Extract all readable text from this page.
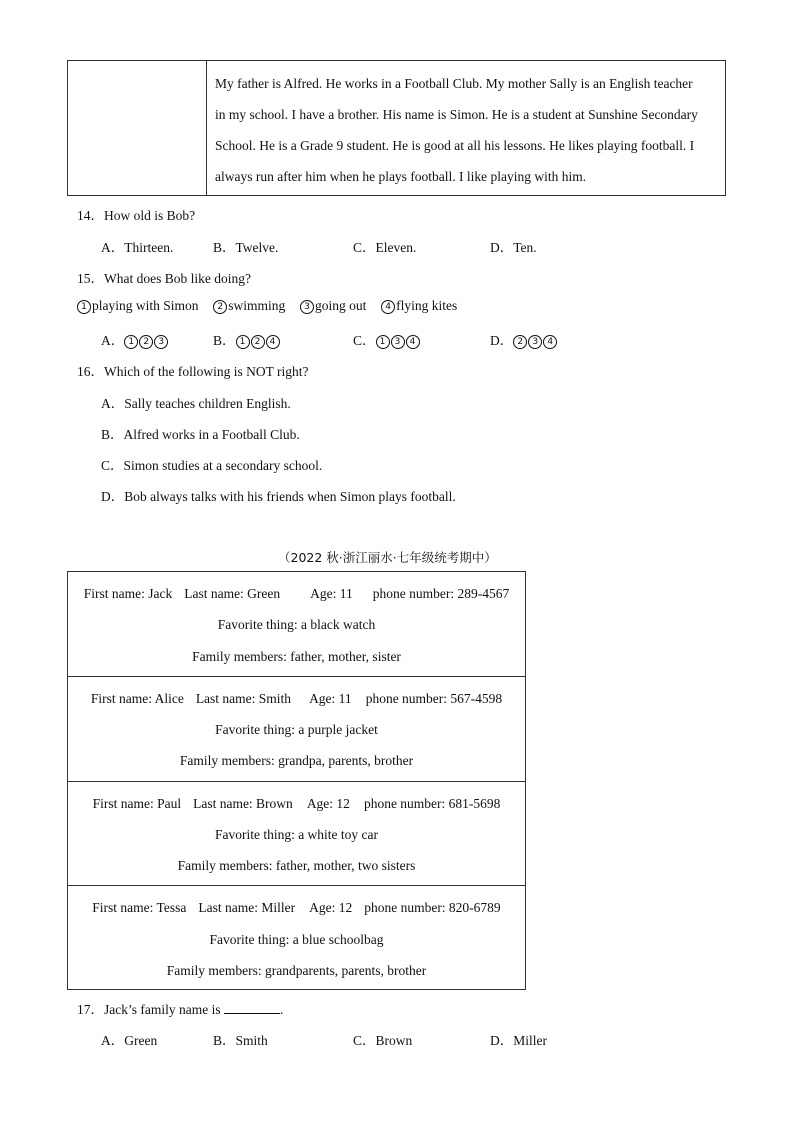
My father is Alfred. He works in a Football Club. My mother Sally is an English teacher
in my school. I have a brother. His name is Simon. He is a student at Sunshine Secondary
School. He is a Grade 9 student. He is good at all his lessons. He likes playing football. I
always run after him when he plays football. I like playing with him.
14．How old is Bob?
A．Thirteen.	B．Twelve.	C．Eleven.	D．Ten.
15．What does Bob like doing?
1 playing with Simon 2 swimming 3 going out 4 flying kites
A． 1 2 3	B． 1 2 4	C． 1 3 4	D． 2 3 4
16．Which of the following is NOT right?
A．Sally teaches children English.
B．Alfred works in a Football Club.
C．Simon studies at a secondary school.
D．Bob always talks with his friends when Simon plays football.
（2022 秋·浙江丽水·七年级统考期中）
First name: Jack Last name: Green Age: 11 phone number: 289-4567
Favorite thing: a black watch
Family members: father, mother, sister
First name: Alice Last name: Smith Age: 11 phone number: 567-4598
Favorite thing: a purple jacket
Family members: grandpa, parents, brother
First name: Paul Last name: Brown Age: 12 phone number: 681-5698
Favorite thing: a white toy car
Family members: father, mother, two sisters
First name: Tessa Last name: Miller Age: 12 phone number: 820-6789
Favorite thing: a blue schoolbag
Family members: grandparents, parents, brother
17．Jack’s family name is	.
A．Green	B．Smith	C．Brown	D．Miller
